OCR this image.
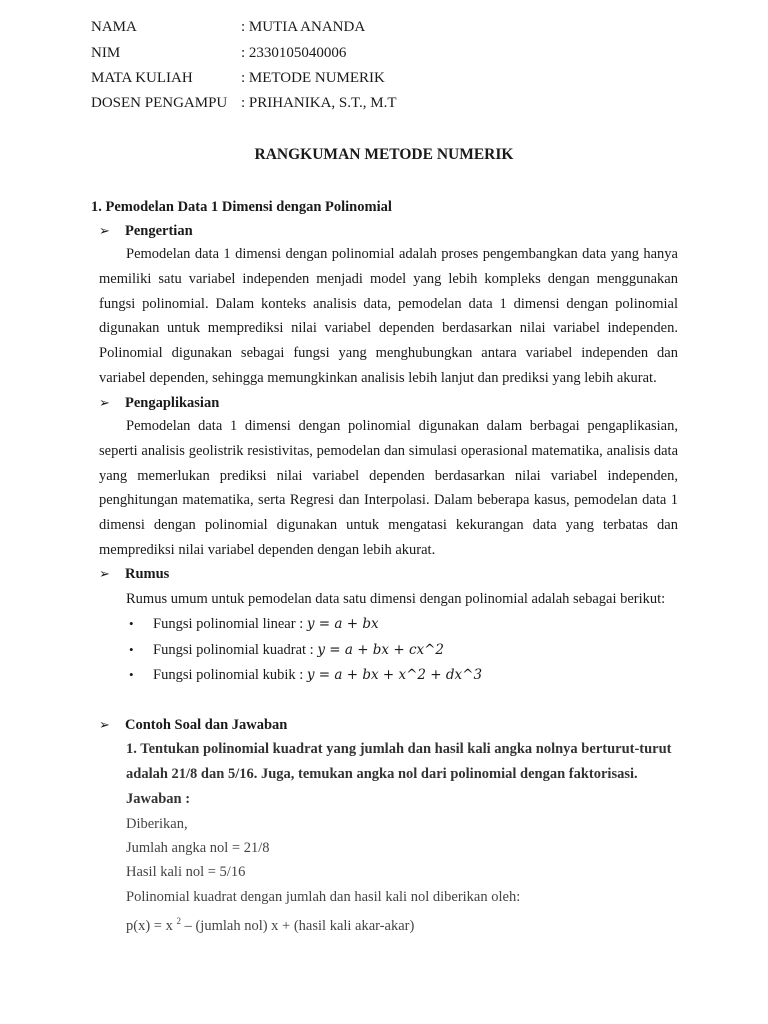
NAMA	: MUTIA ANANDA
NIM	: 2330105040006
MATA KULIAH	: METODE NUMERIK
DOSEN PENGAMPU : PRIHANIKA, S.T., M.T
RANGKUMAN METODE NUMERIK
1. Pemodelan Data 1 Dimensi dengan Polinomial
➢ Pengertian

Pemodelan data 1 dimensi dengan polinomial adalah proses pengembangkan data yang hanya memiliki satu variabel independen menjadi model yang lebih kompleks dengan menggunakan fungsi polinomial. Dalam konteks analisis data, pemodelan data 1 dimensi dengan polinomial digunakan untuk memprediksi nilai variabel dependen berdasarkan nilai variabel independen. Polinomial digunakan sebagai fungsi yang menghubungkan antara variabel independen dan variabel dependen, sehingga memungkinkan analisis lebih lanjut dan prediksi yang lebih akurat.

➢ Pengaplikasian

Pemodelan data 1 dimensi dengan polinomial digunakan dalam berbagai pengaplikasian, seperti analisis geolistrik resistivitas, pemodelan dan simulasi operasional matematika, analisis data yang memerlukan prediksi nilai variabel dependen berdasarkan nilai variabel independen, penghitungan matematika, serta Regresi dan Interpolasi. Dalam beberapa kasus, pemodelan data 1 dimensi dengan polinomial digunakan untuk mengatasi kekurangan data yang terbatas dan memprediksi nilai variabel dependen dengan lebih akurat.

➢ Rumus
Rumus umum untuk pemodelan data satu dimensi dengan polinomial adalah sebagai berikut:
• Fungsi polinomial linear : y = a + bx
• Fungsi polinomial kuadrat : y = a + bx + cx^2
• Fungsi polinomial kubik : y = a + bx + x^2 + dx^3
➢ Contoh Soal dan Jawaban
1. Tentukan polinomial kuadrat yang jumlah dan hasil kali angka nolnya berturut-turut adalah 21/8 dan 5/16. Juga, temukan angka nol dari polinomial dengan faktorisasi.
Jawaban :
Diberikan,
Jumlah angka nol = 21/8
Hasil kali nol = 5/16
Polinomial kuadrat dengan jumlah dan hasil kali nol diberikan oleh:
p(x) = x $^2$ – (jumlah nol) x + (hasil kali akar-akar)
